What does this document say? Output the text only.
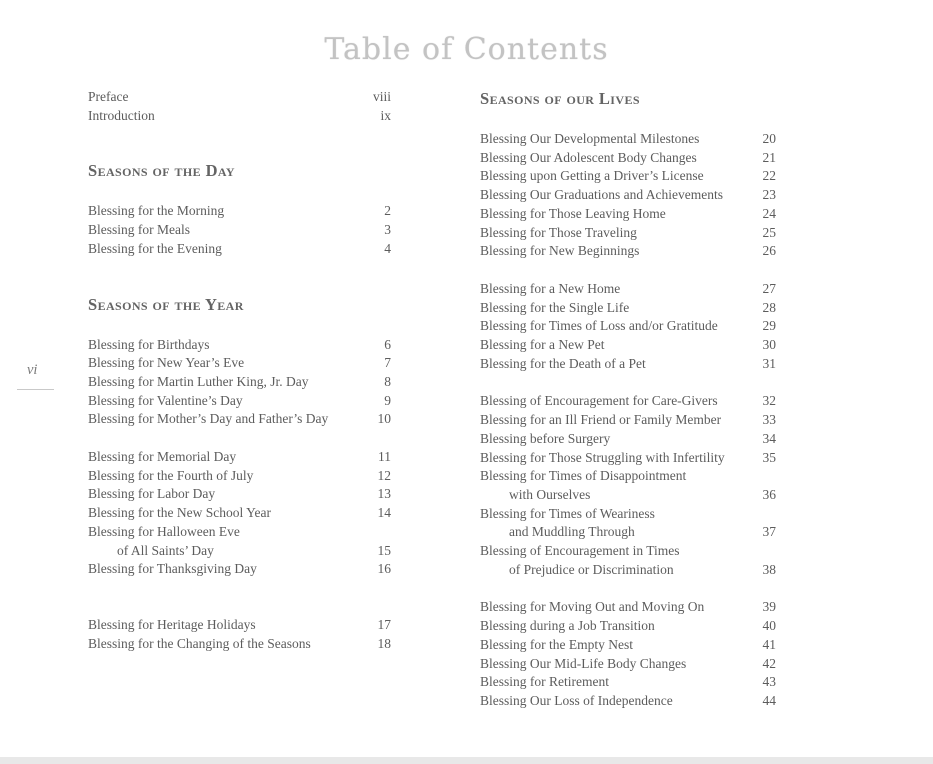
Table of Contents
vi
Preface	viii
Introduction	ix
Seasons of the Day
Blessing for the Morning	2
Blessing for Meals	3
Blessing for the Evening	4
Seasons of the Year
Blessing for Birthdays	6
Blessing for New Year’s Eve	7
Blessing for Martin Luther King, Jr. Day	8
Blessing for Valentine’s Day	9
Blessing for Mother’s Day and Father’s Day	10
Blessing for Memorial Day	11
Blessing for the Fourth of July	12
Blessing for Labor Day	13
Blessing for the New School Year	14
Blessing for Halloween Eve
of All Saints’ Day	15
Blessing for Thanksgiving Day	16
Blessing for Heritage Holidays	17
Blessing for the Changing of the Seasons	18
Seasons of our Lives
Blessing Our Developmental Milestones	20
Blessing Our Adolescent Body Changes	21
Blessing upon Getting a Driver’s License	22
Blessing Our Graduations and Achievements	23
Blessing for Those Leaving Home	24
Blessing for Those Traveling	25
Blessing for New Beginnings	26
Blessing for a New Home	27
Blessing for the Single Life	28
Blessing for Times of Loss and/or Gratitude	29
Blessing for a New Pet	30
Blessing for the Death of a Pet	31
Blessing of Encouragement for Care-Givers	32
Blessing for an Ill Friend or Family Member	33
Blessing before Surgery	34
Blessing for Those Struggling with Infertility	35
Blessing for Times of Disappointment
with Ourselves	36
Blessing for Times of Weariness
and Muddling Through	37
Blessing of Encouragement in Times
of Prejudice or Discrimination	38
Blessing for Moving Out and Moving On	39
Blessing during a Job Transition	40
Blessing for the Empty Nest	41
Blessing Our Mid-Life Body Changes	42
Blessing for Retirement	43
Blessing Our Loss of Independence	44
